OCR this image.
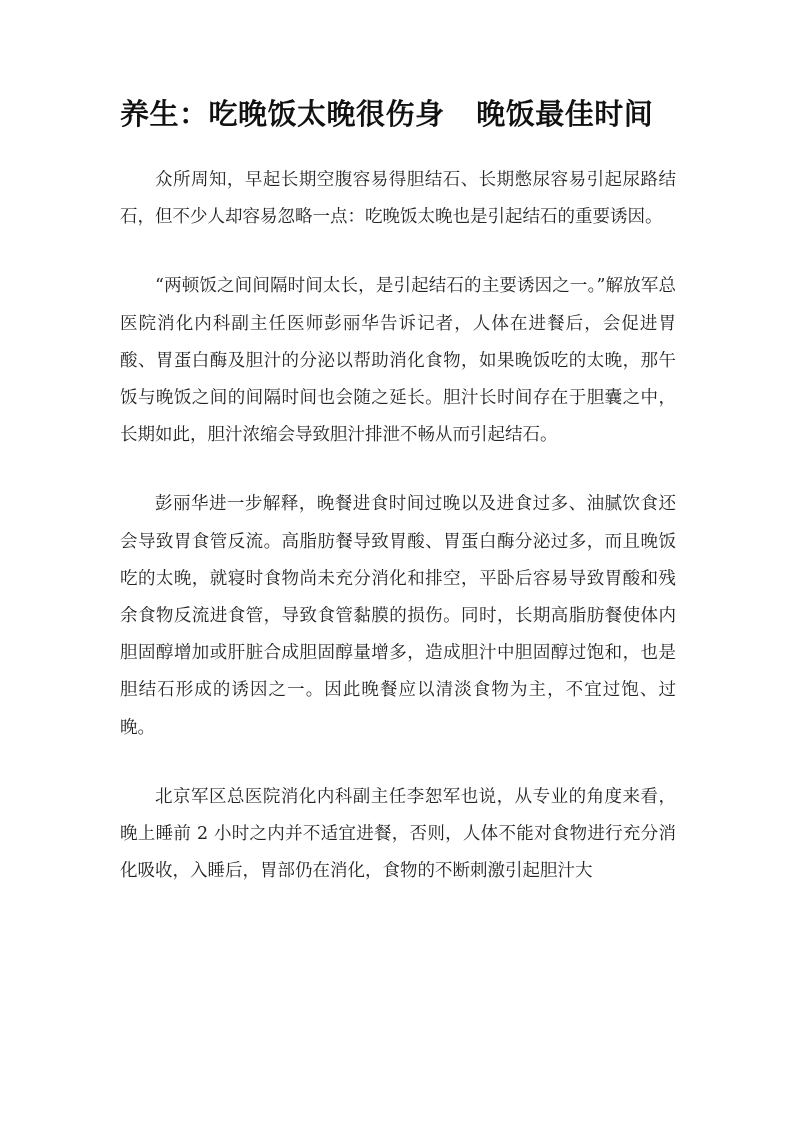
养生：吃晚饭太晚很伤身   晚饭最佳时间

众所周知，早起长期空腹容易得胆结石、长期憋尿容易引起尿路结石，但不少人却容易忽略一点：吃晚饭太晚也是引起结石的重要诱因。

“两顿饭之间间隔时间太长，是引起结石的主要诱因之一。”解放军总医院消化内科副主任医师彭丽华告诉记者，人体在进餐后，会促进胃酸、胃蛋白酶及胆汁的分泌以帮助消化食物，如果晚饭吃的太晚，那午饭与晚饭之间的间隔时间也会随之延长。胆汁长时间存在于胆囊之中，长期如此，胆汁浓缩会导致胆汁排泄不畅从而引起结石。

彭丽华进一步解释，晚餐进食时间过晚以及进食过多、油腻饮食还会导致胃食管反流。高脂肪餐导致胃酸、胃蛋白酶分泌过多，而且晚饭吃的太晚，就寝时食物尚未充分消化和排空，平卧后容易导致胃酸和残余食物反流进食管，导致食管黏膜的损伤。同时，长期高脂肪餐使体内胆固醇增加或肝脏合成胆固醇量增多，造成胆汁中胆固醇过饱和，也是胆结石形成的诱因之一。因此晚餐应以清淡食物为主，不宜过饱、过晚。

北京军区总医院消化内科副主任李恕军也说，从专业的角度来看，晚上睡前 2 小时之内并不适宜进餐，否则，人体不能对食物进行充分消化吸收，入睡后，胃部仍在消化，食物的不断刺激引起胆汁大
